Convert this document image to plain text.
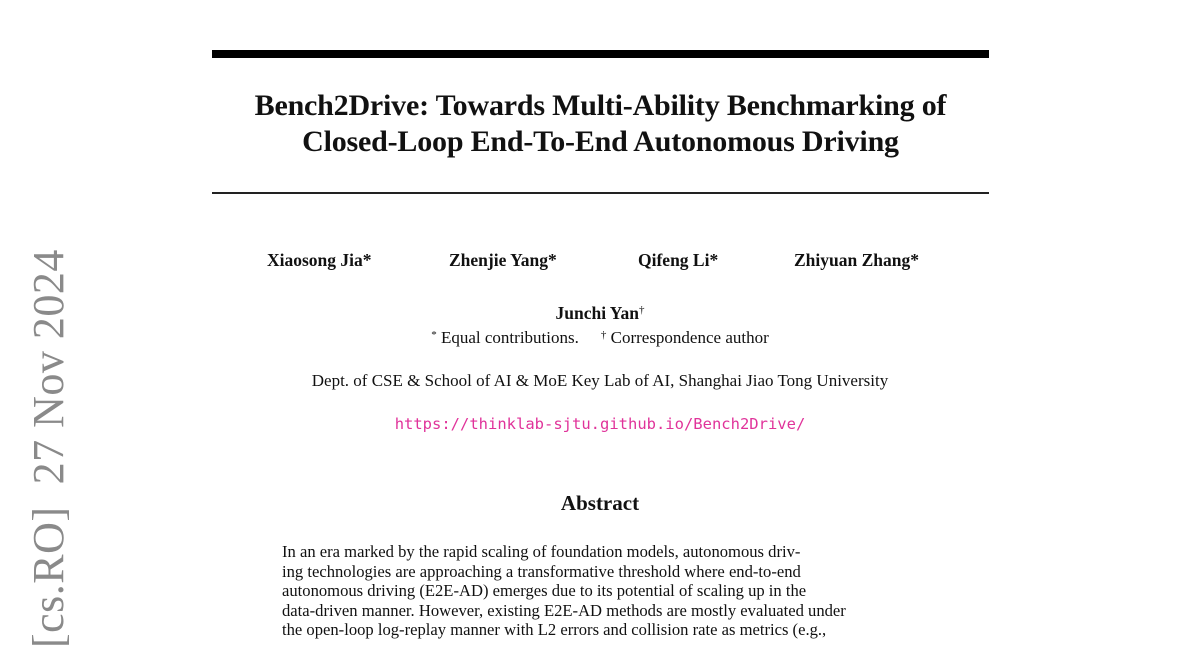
[cs.RO]27 Nov 2024
Bench2Drive: Towards Multi-Ability Benchmarking of
Closed-Loop End-To-End Autonomous Driving
Xiaosong Jia*	Zhenjie Yang*	Qifeng Li*	Zhiyuan Zhang*
Junchi Yan†
* Equal contributions. † Correspondence author
Dept. of CSE & School of AI & MoE Key Lab of AI, Shanghai Jiao Tong University
https://thinklab-sjtu.github.io/Bench2Drive/
Abstract
In an era marked by the rapid scaling of foundation models, autonomous driv-
ing technologies are approaching a transformative threshold where end-to-end
autonomous driving (E2E-AD) emerges due to its potential of scaling up in the
data-driven manner. However, existing E2E-AD methods are mostly evaluated under
the open-loop log-replay manner with L2 errors and collision rate as metrics (e.g.,
